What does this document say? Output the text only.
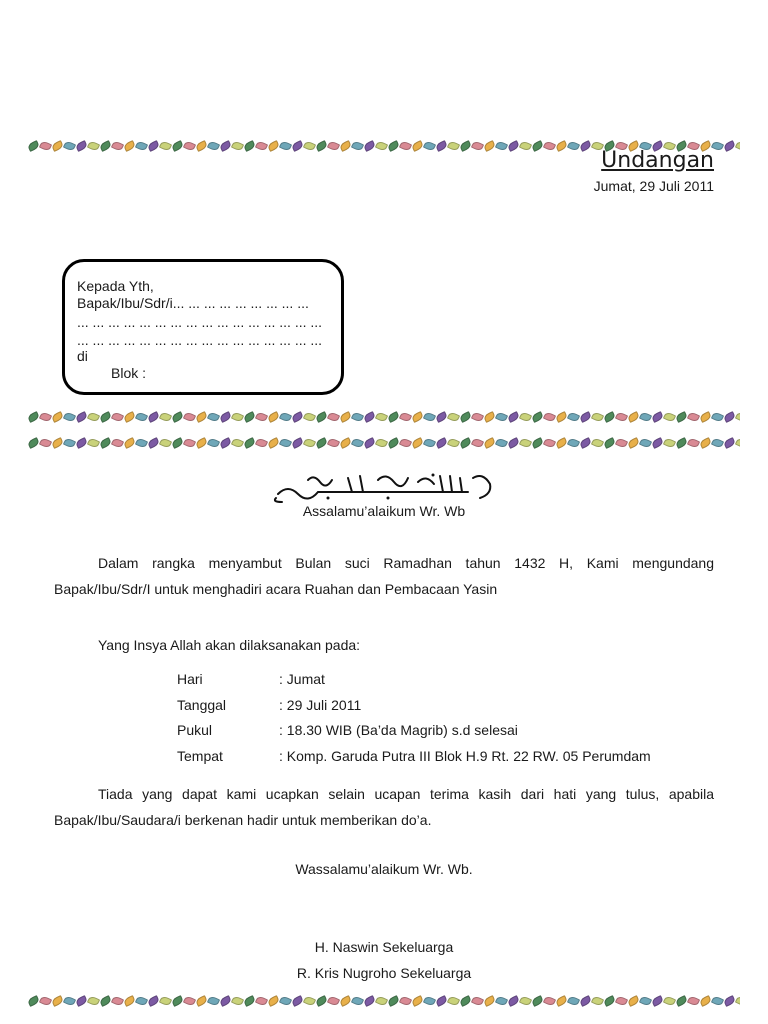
Undangan
Jumat, 29 Juli 2011
Kepada Yth,
Bapak/Ibu/Sdr/i... ... ... ... ... ... ... ... ...
... ... ... ... ... ... ... ... ... ... ... ... ... ... ... ...
... ... ... ... ... ... ... ... ... ... ... ... ... ... ... ...
di
Blok :
Assalamu’alaikum Wr. Wb
Dalam rangka menyambut Bulan suci Ramadhan tahun 1432 H, Kami mengundang Bapak/Ibu/Sdr/I untuk menghadiri acara Ruahan dan Pembacaan Yasin
Yang Insya Allah akan dilaksanakan pada:
Hari	: Jumat
Tanggal	: 29 Juli 2011
Pukul	: 18.30 WIB (Ba’da Magrib) s.d selesai
Tempat	: Komp. Garuda Putra III Blok H.9 Rt. 22 RW. 05 Perumdam
Tiada yang dapat kami ucapkan selain ucapan terima kasih dari hati yang tulus, apabila Bapak/Ibu/Saudara/i berkenan hadir untuk memberikan do’a.
Wassalamu’alaikum Wr. Wb.
H. Naswin Sekeluarga
R. Kris Nugroho Sekeluarga
